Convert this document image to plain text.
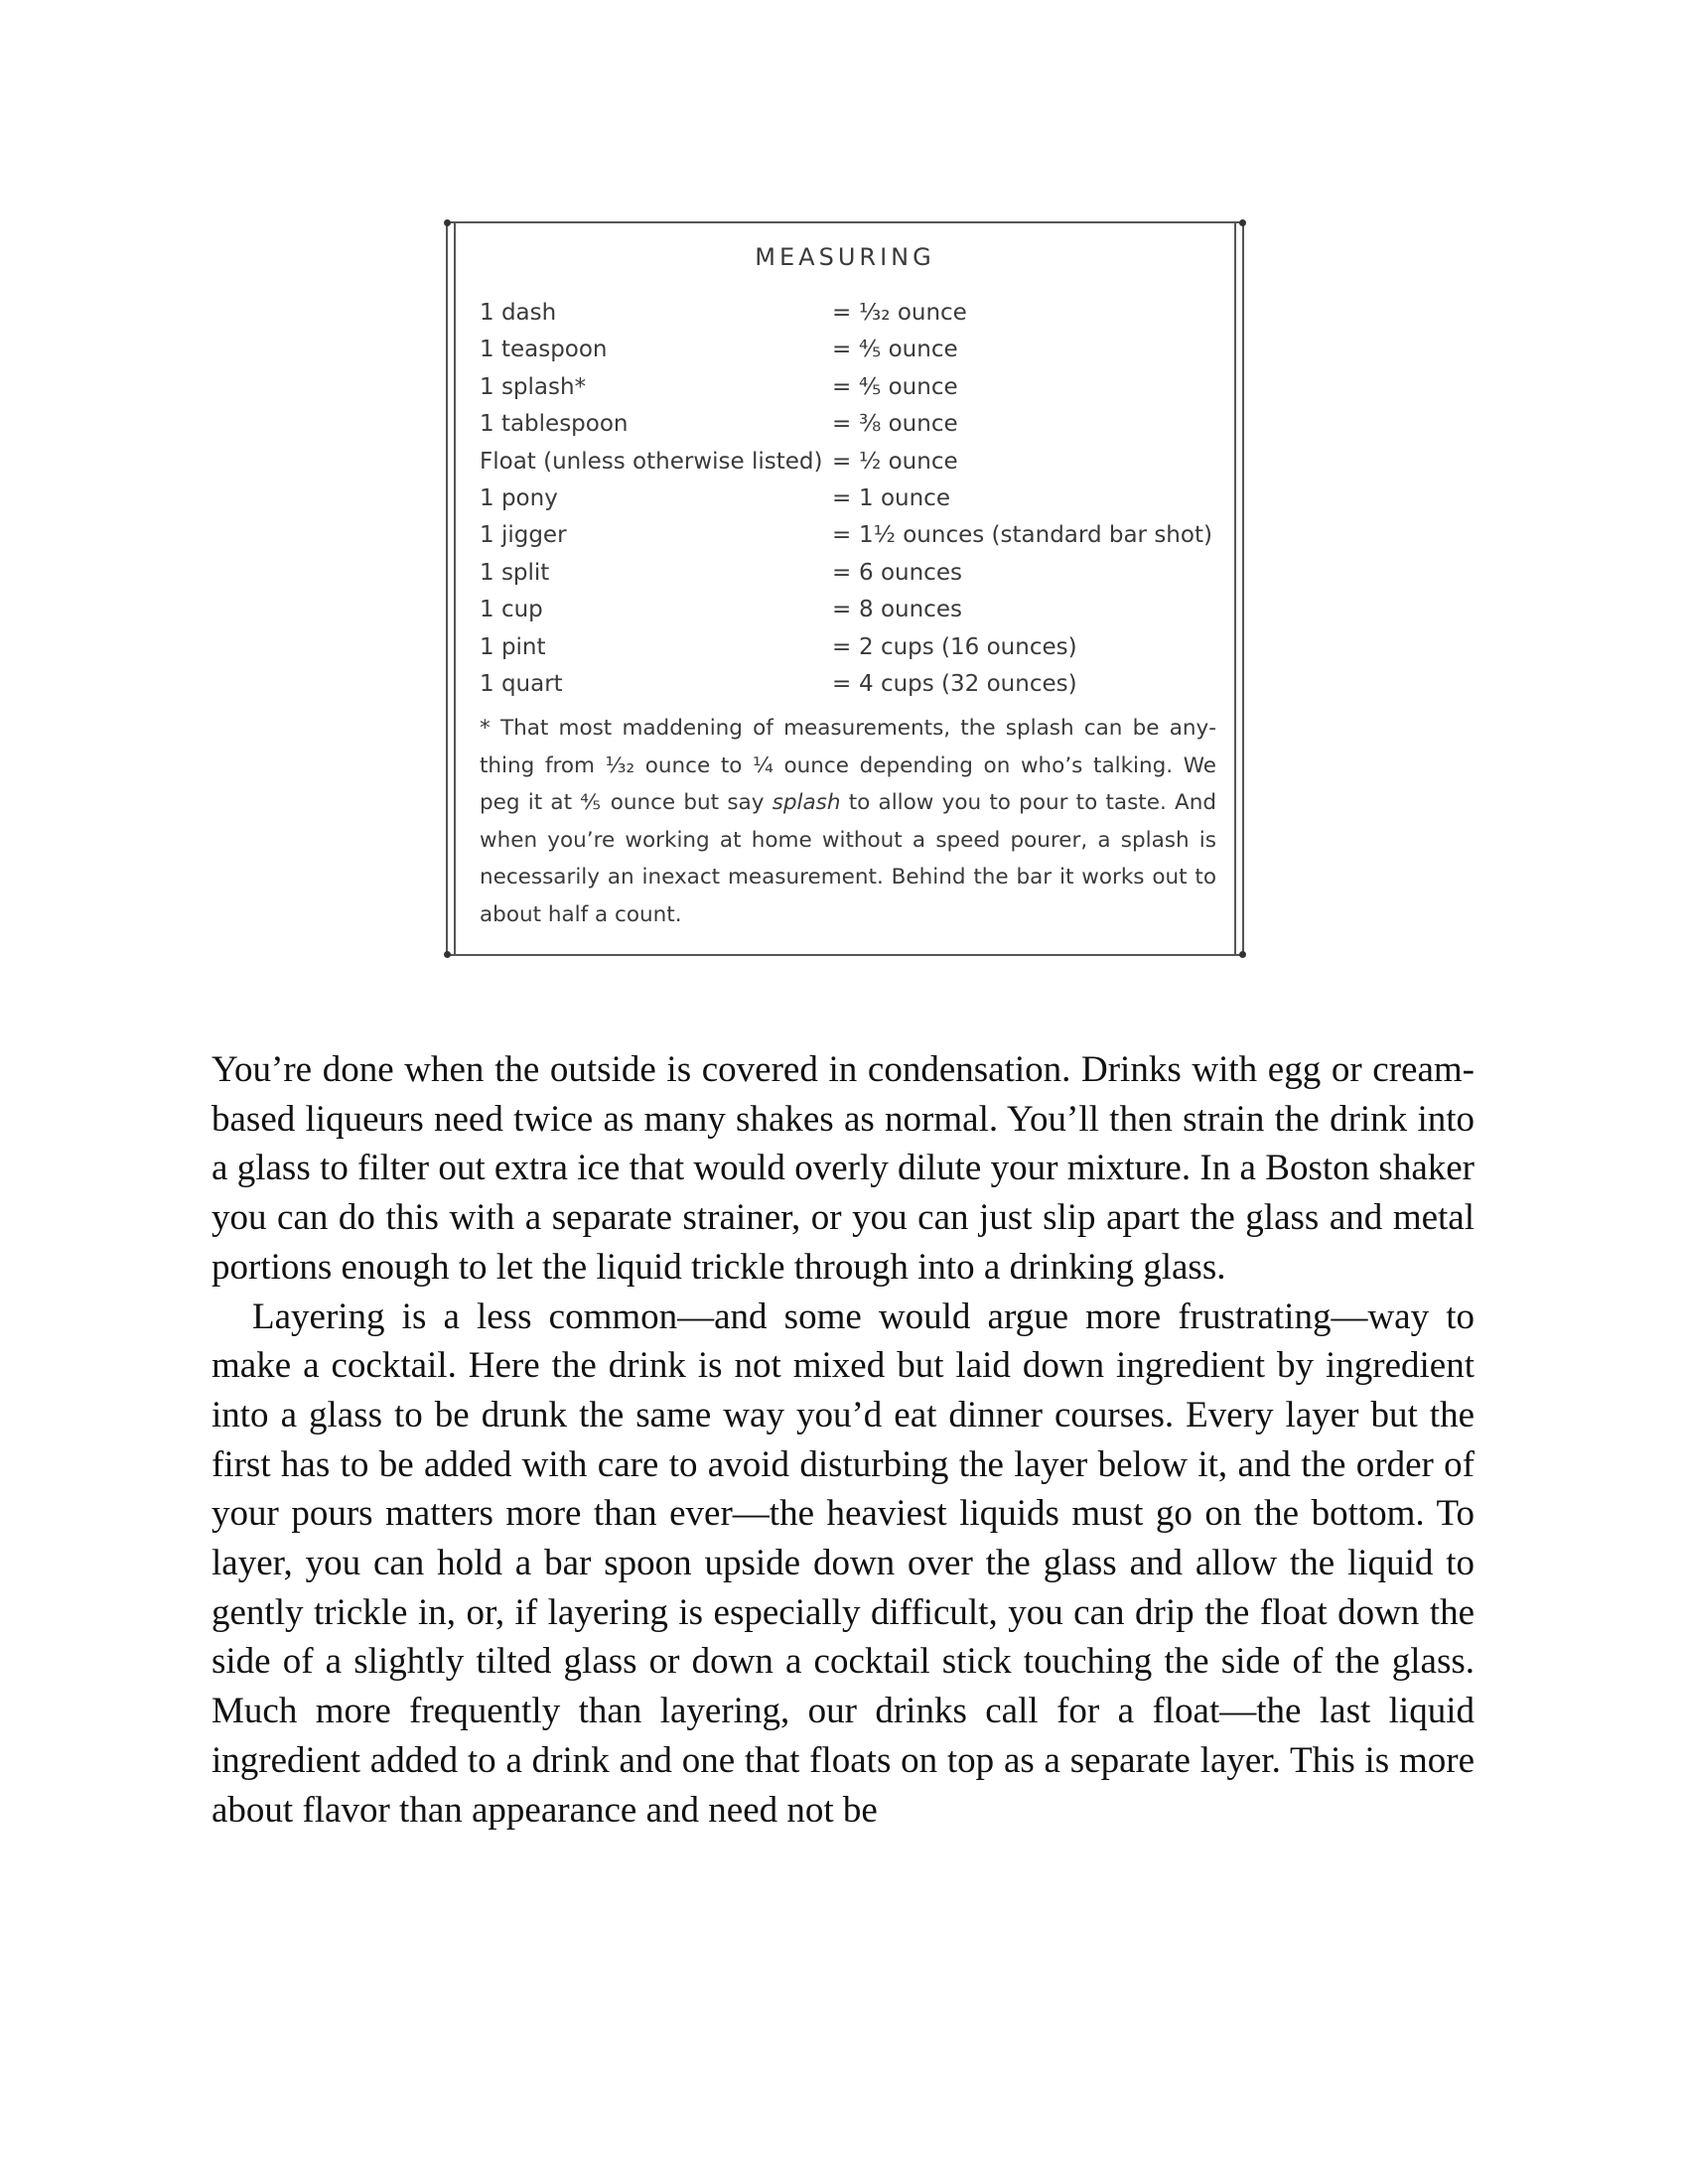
MEASURING
1 dash	= ¹⁄₃₂ ounce
1 teaspoon	= ⅘ ounce
1 splash*	= ⅘ ounce
1 tablespoon	= ⅜ ounce
Float (unless otherwise listed) = ½ ounce
1 pony	= 1 ounce
1 jigger	= 1½ ounces (standard bar shot)
1 split	= 6 ounces
1 cup	= 8 ounces
1 pint	= 2 cups (16 ounces)
1 quart	= 4 cups (32 ounces)
* That most maddening of measurements, the splash can be anything from ¹⁄₃₂ ounce to ¼ ounce depending on who’s talking. We peg it at ⅘ ounce but say splash to allow you to pour to taste. And when you’re working at home without a speed pourer, a splash is necessarily an inexact measurement. Behind the bar it works out to about half a count.

You’re done when the outside is covered in condensation. Drinks with egg or cream-based liqueurs need twice as many shakes as normal. You’ll then strain the drink into a glass to filter out extra ice that would overly dilute your mixture. In a Boston shaker you can do this with a separate strainer, or you can just slip apart the glass and metal portions enough to let the liquid trickle through into a drinking glass.

Layering is a less common—and some would argue more frustrating—way to make a cocktail. Here the drink is not mixed but laid down ingredient by ingredient into a glass to be drunk the same way you’d eat dinner courses. Every layer but the first has to be added with care to avoid disturbing the layer below it, and the order of your pours matters more than ever—the heaviest liquids must go on the bottom. To layer, you can hold a bar spoon upside down over the glass and allow the liquid to gently trickle in, or, if layering is especially difficult, you can drip the float down the side of a slightly tilted glass or down a cocktail stick touching the side of the glass. Much more frequently than layering, our drinks call for a float—the last liquid ingredient added to a drink and one that floats on top as a separate layer. This is more about flavor than appearance and need not be
